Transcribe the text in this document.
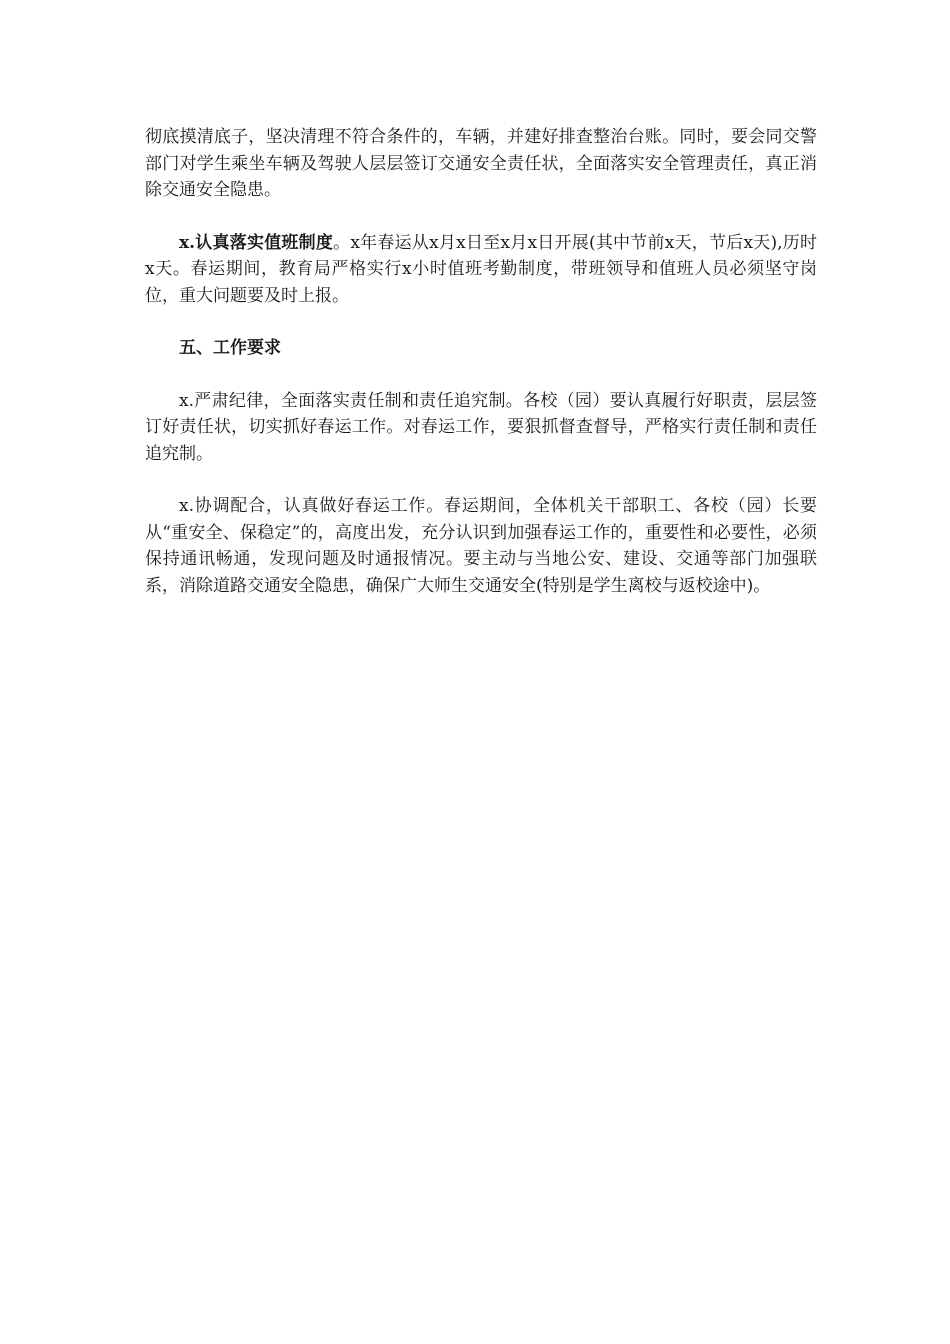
彻底摸清底子，坚决清理不符合条件的，车辆，并建好排查整治台账。同时，要会同交警部门对学生乘坐车辆及驾驶人层层签订交通安全责任状，全面落实安全管理责任，真正消除交通安全隐患。

x.认真落实值班制度。x年春运从x月x日至x月x日开展(其中节前x天，节后x天),历时x天。春运期间，教育局严格实行x小时值班考勤制度，带班领导和值班人员必须坚守岗位，重大问题要及时上报。

五、工作要求

x.严肃纪律，全面落实责任制和责任追究制。各校（园）要认真履行好职责，层层签订好责任状，切实抓好春运工作。对春运工作，要狠抓督查督导，严格实行责任制和责任追究制。

x.协调配合，认真做好春运工作。春运期间，全体机关干部职工、各校（园）长要从“重安全、保稳定”的，高度出发，充分认识到加强春运工作的，重要性和必要性，必须保持通讯畅通，发现问题及时通报情况。要主动与当地公安、建设、交通等部门加强联系，消除道路交通安全隐患，确保广大师生交通安全(特别是学生离校与返校途中)。
